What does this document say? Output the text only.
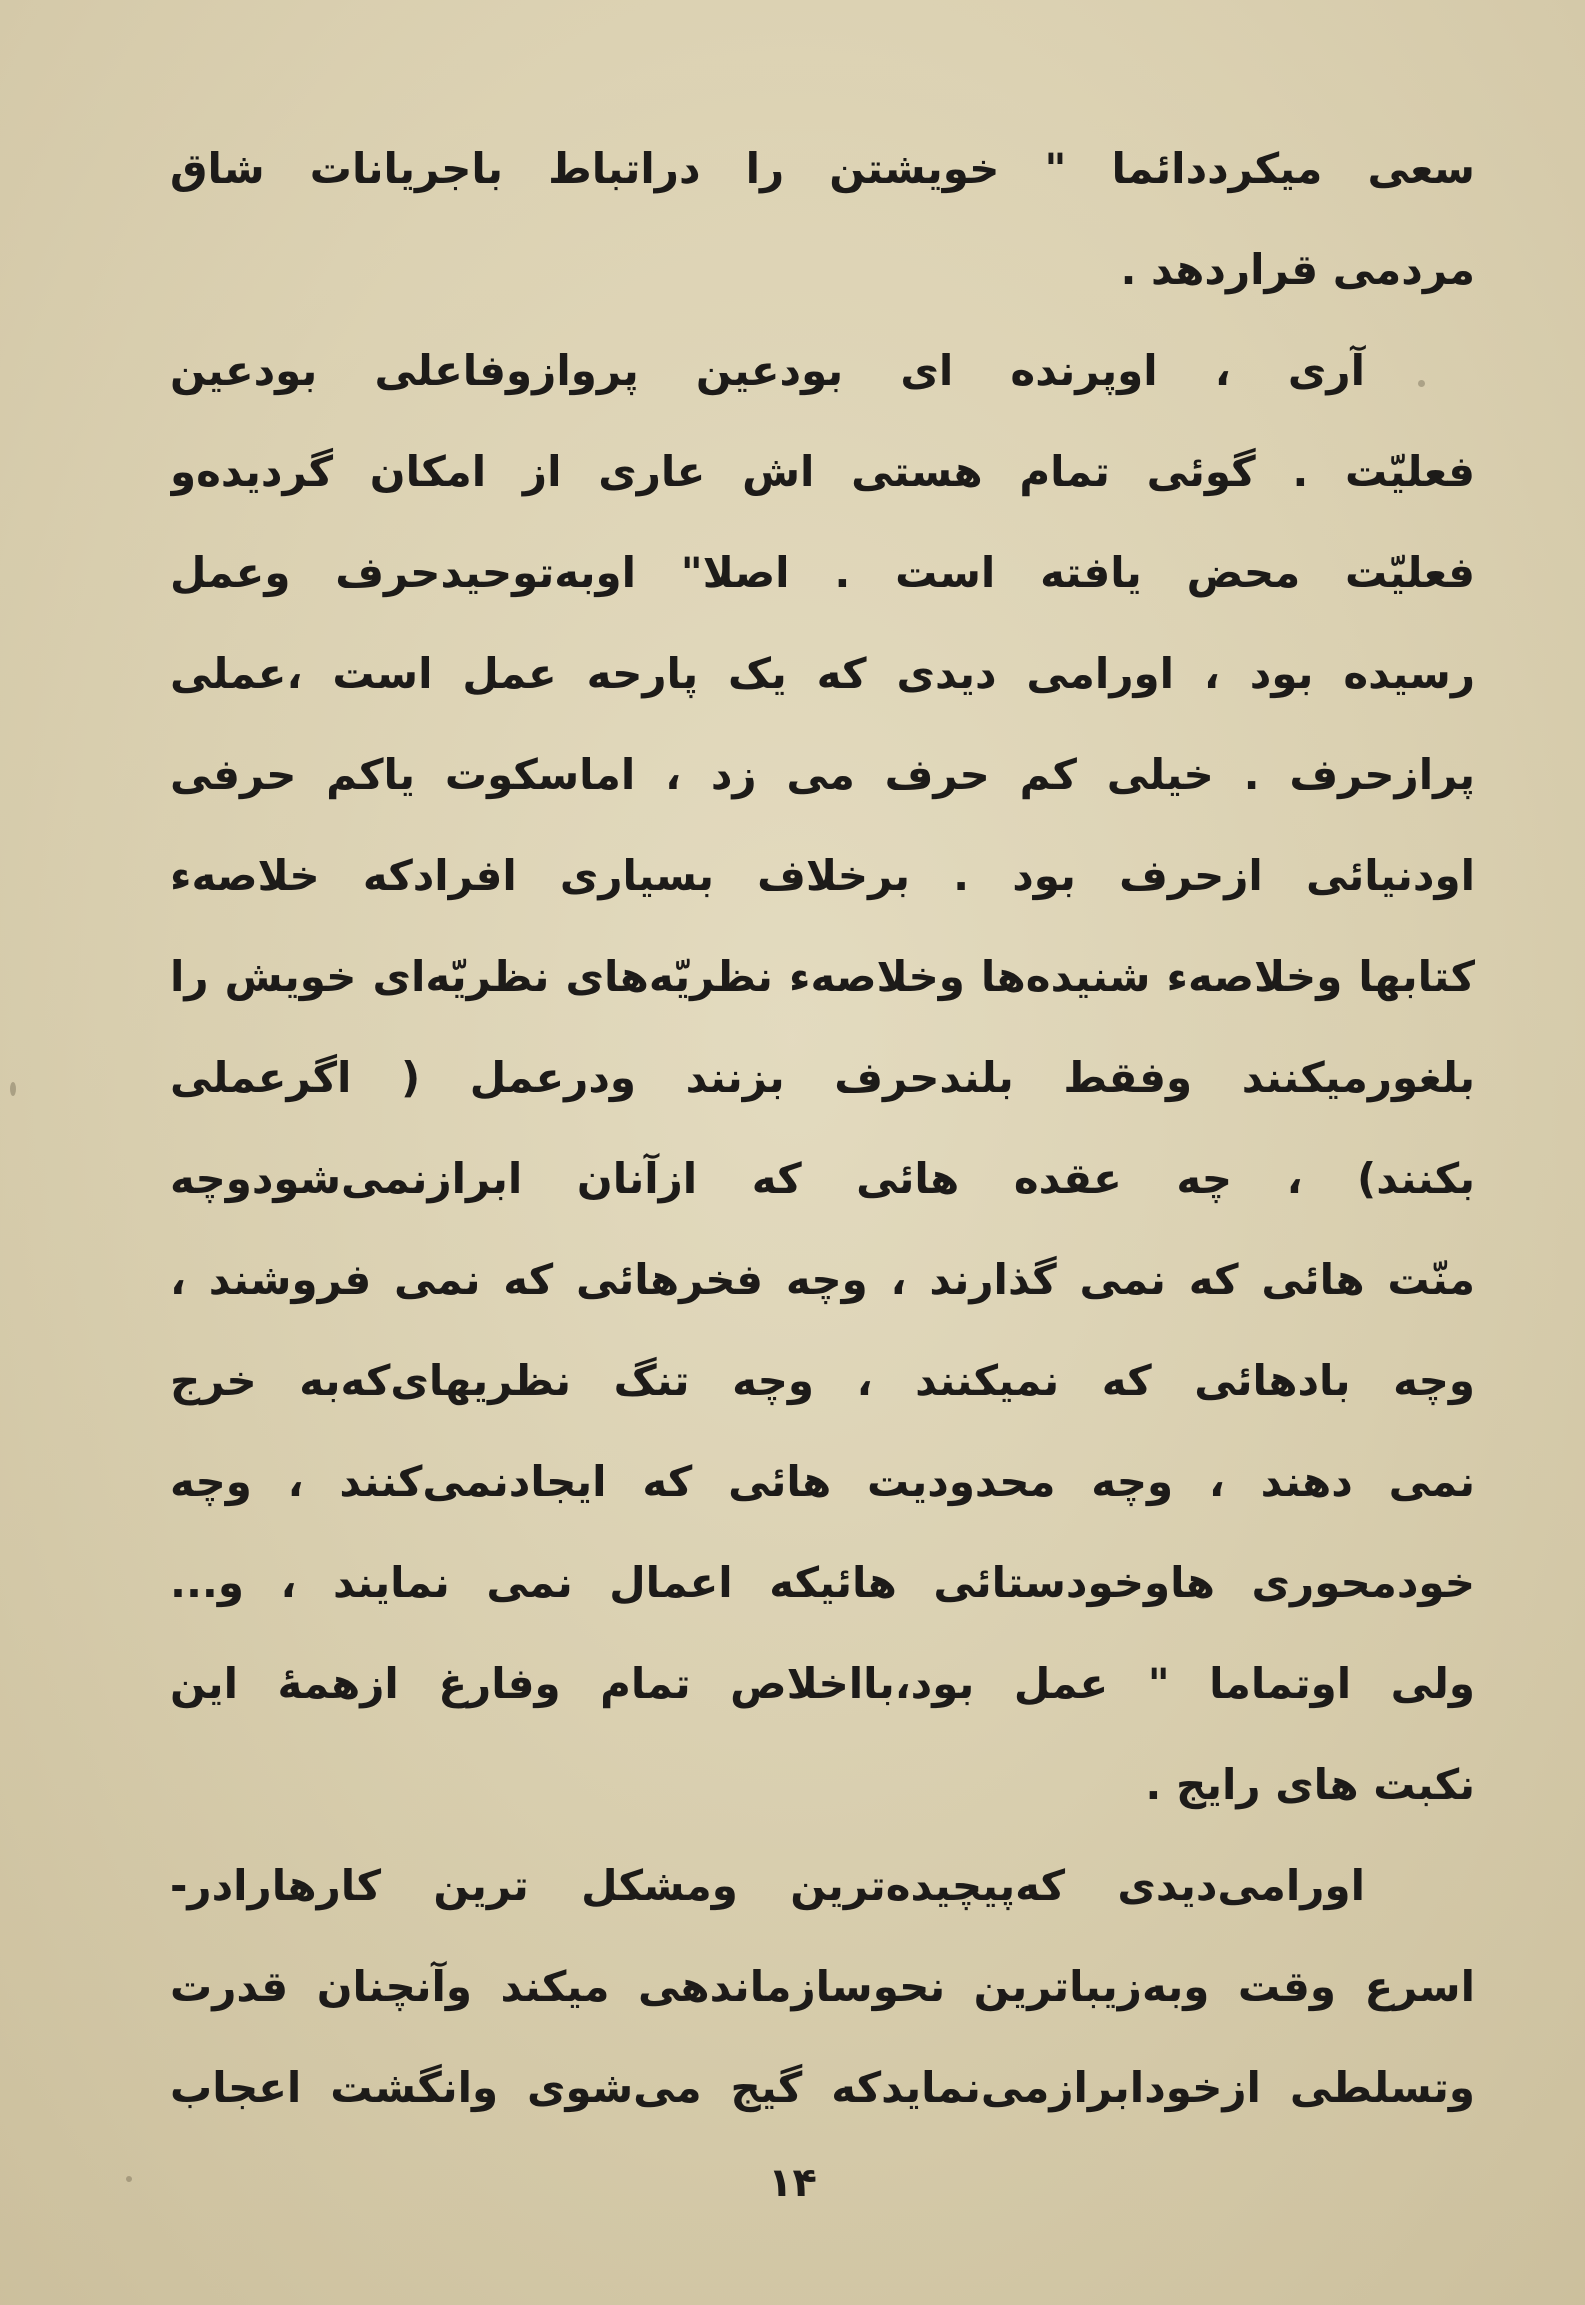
سعی میکرددائما " خویشتن را دراتباط باجریانات شاق
مردمی قراردهد .
آری ، اوپرنده ای بودعین پروازوفاعلی بودعین
فعلیّت . گوئی تمام هستی اش عاری از امکان گردیده‌و
فعلیّت محض یافته است . اصلا" اوبه‌توحیدحرف وعمل
رسیده بود ، اورامی دیدی که یک پارحه عمل است ،عملی
پرازحرف . خیلی کم حرف می زد ، اماسکوت یاکم حرفی
اودنیائی ازحرف بود . برخلاف بسیاری افرادکه خلاصه‌ء
کتابها وخلاصه‌ء شنیده‌ها وخلاصه‌ء نظریّه‌های نظریّه‌ای خویش را
بلغورمیکنند وفقط بلندحرف بزنند ودرعمل ( اگرعملی
بکنند) ، چه عقده هائی که ازآنان ابرازنمی‌شودوچه
منّت هائی که نمی گذارند ، وچه فخرهائی که نمی فروشند ،
وچه بادهائی که نمیکنند ، وچه تنگ نظریهای‌که‌به خرج
نمی دهند ، وچه محدودیت هائی که ایجادنمی‌کنند ، وچه
خودمحوری هاوخودستائی هائیکه اعمال نمی نمایند ، و...
ولی اوتماما " عمل بود،بااخلاص تمام وفارغ ازهمهٔ این
نکبت های رایج .
اورامی‌دیدی که‌پیچیده‌ترین ومشکل ترین کارهارادر-
اسرع وقت وبه‌زیباترین نحوسازماندهی میکند وآنچنان قدرت
وتسلطی ازخودابرازمی‌نمایدکه گیج می‌شوی وانگشت اعجاب
۱۴
